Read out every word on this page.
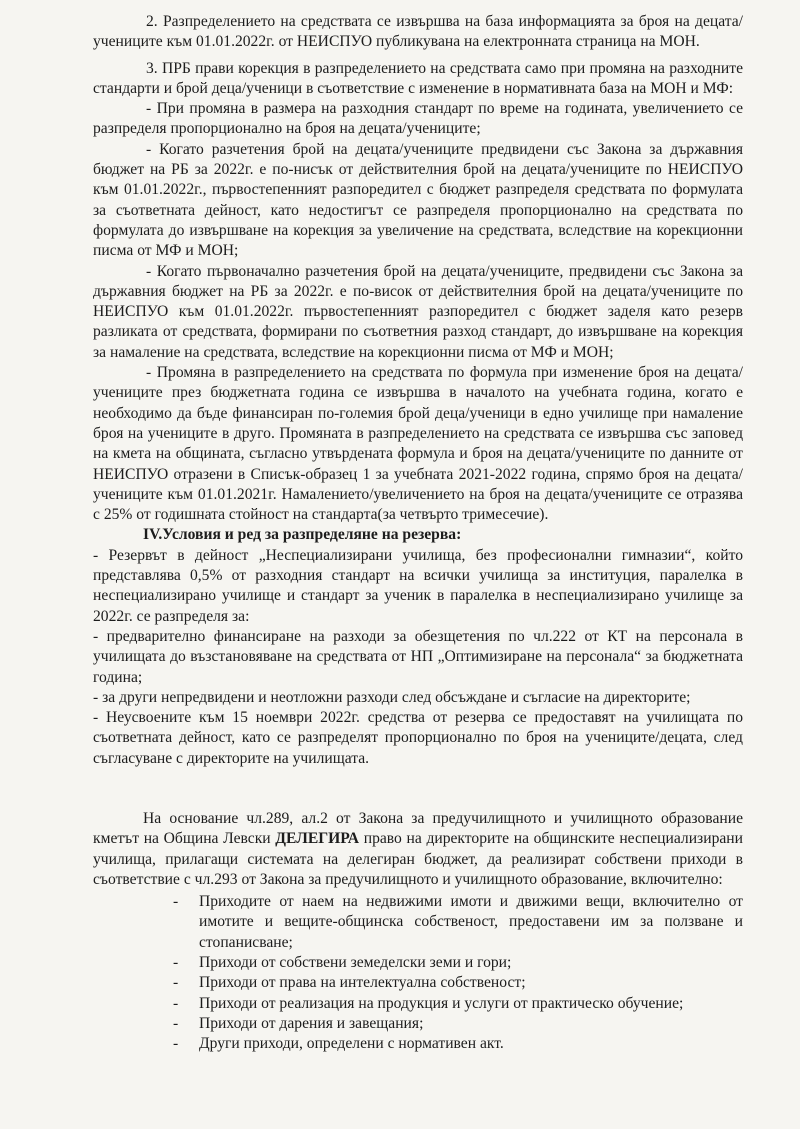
2. Разпределението на средствата се извършва на база информацията за броя на децата/учениците към 01.01.2022г. от НЕИСПУО публикувана на електронната страница на МОН.

3. ПРБ прави корекция в разпределението на средствата само при промяна на разходните стандарти и брой деца/ученици в съответствие с изменение в нормативната база на МОН и МФ:

- При промяна в размера на разходния стандарт по време на годината, увеличението се разпределя пропорционално на броя на децата/учениците;

- Когато разчетения брой на децата/учениците предвидени със Закона за държавния бюджет на РБ за 2022г. е по-нисък от действителния брой на децата/учениците по НЕИСПУО към 01.01.2022г., първостепенният разпоредител с бюджет разпределя средствата по формулата за съответната дейност, като недостигът се разпределя пропорционално на средствата по формулата до извършване на корекция за увеличение на средствата, вследствие на корекционни писма от МФ и МОН;

- Когато първоначално разчетения брой на децата/учениците, предвидени със Закона за държавния бюджет на РБ за 2022г. е по-висок от действителния брой на децата/учениците по НЕИСПУО към 01.01.2022г. първостепенният разпоредител с бюджет заделя като резерв разликата от средствата, формирани по съответния разход стандарт, до извършване на корекция за намаление на средствата, вследствие на корекционни писма от МФ и МОН;

- Промяна в разпределението на средствата по формула при изменение броя на децата/учениците през бюджетната година се извършва в началото на учебната година, когато е необходимо да бъде финансиран по-големия брой деца/ученици в едно училище при намаление броя на учениците в друго. Промяната в разпределението на средствата се извършва със заповед на кмета на общината, съгласно утвърдената формула и броя на децата/учениците по данните от НЕИСПУО отразени в Списък-образец 1 за учебната 2021-2022 година, спрямо броя на децата/учениците към 01.01.2021г. Намалението/увеличението на броя на децата/учениците се отразява с 25% от годишната стойност на стандарта(за четвърто тримесечие).

IV.Условия и ред за разпределяне на резерва:

- Резервът в дейност „Неспециализирани училища, без професионални гимназии“, който представлява 0,5% от разходния стандарт на всички училища за институция, паралелка в неспециализирано училище и стандарт за ученик в паралелка в неспециализирано училище за 2022г. се разпределя за:

- предварително финансиране на разходи за обезщетения по чл.222 от КТ на персонала в училищата до възстановяване на средствата от НП „Оптимизиране на персонала“ за бюджетната година;

- за други непредвидени и неотложни разходи след обсъждане и съгласие на директорите;

- Неусвоените към 15 ноември 2022г. средства от резерва се предоставят на училищата по съответната дейност, като се разпределят пропорционално по броя на учениците/децата, след съгласуване с директорите на училищата.

На основание чл.289, ал.2 от Закона за предучилищното и училищното образование кметът на Община Левски ДЕЛЕГИРА право на директорите на общинските неспециализирани училища, прилагащи системата на делегиран бюджет, да реализират собствени приходи в съответствие с чл.293 от Закона за предучилищното и училищното образование, включително:

- Приходите от наем на недвижими имоти и движими вещи, включително от имотите и вещите-общинска собственост, предоставени им за ползване и стопанисване;
- Приходи от собствени земеделски земи и гори;
- Приходи от права на интелектуална собственост;
- Приходи от реализация на продукция и услуги от практическо обучение;
- Приходи от дарения и завещания;
- Други приходи, определени с нормативен акт.
